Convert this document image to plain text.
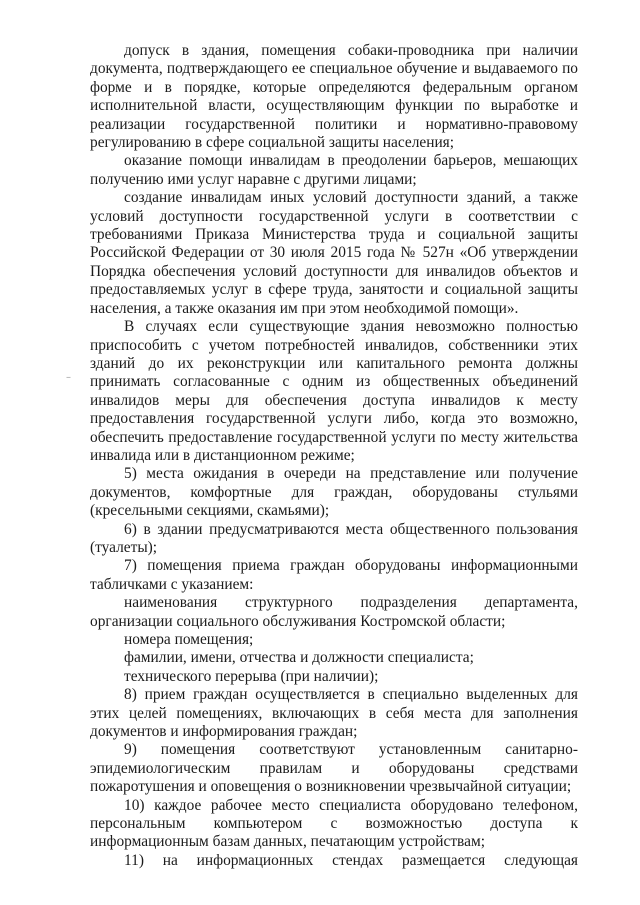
допуск в здания, помещения собаки-проводника при наличии документа, подтверждающего ее специальное обучение и выдаваемого по форме и в порядке, которые определяются федеральным органом исполнительной власти, осуществляющим функции по выработке и реализации государственной политики и нормативно-правовому регулированию в сфере социальной защиты населения;

оказание помощи инвалидам в преодолении барьеров, мешающих получению ими услуг наравне с другими лицами;

создание инвалидам иных условий доступности зданий, а также условий доступности государственной услуги в соответствии с требованиями Приказа Министерства труда и социальной защиты Российской Федерации от 30 июля 2015 года № 527н «Об утверждении Порядка обеспечения условий доступности для инвалидов объектов и предоставляемых услуг в сфере труда, занятости и социальной защиты населения, а также оказания им при этом необходимой помощи».

В случаях если существующие здания невозможно полностью приспособить с учетом потребностей инвалидов, собственники этих зданий до их реконструкции или капитального ремонта должны принимать согласованные с одним из общественных объединений инвалидов меры для обеспечения доступа инвалидов к месту предоставления государственной услуги либо, когда это возможно, обеспечить предоставление государственной услуги по месту жительства инвалида или в дистанционном режиме;

5) места ожидания в очереди на представление или получение документов, комфортные для граждан, оборудованы стульями (кресельными секциями, скамьями);

6) в здании предусматриваются места общественного пользования (туалеты);

7) помещения приема граждан оборудованы информационными табличками с указанием:

наименования структурного подразделения департамента, организации социального обслуживания Костромской области;

номера помещения;

фамилии, имени, отчества и должности специалиста;

технического перерыва (при наличии);

8) прием граждан осуществляется в специально выделенных для этих целей помещениях, включающих в себя места для заполнения документов и информирования граждан;

9) помещения соответствуют установленным санитарно-эпидемиологическим правилам и оборудованы средствами пожаротушения и оповещения о возникновении чрезвычайной ситуации;

10) каждое рабочее место специалиста оборудовано телефоном, персональным компьютером с возможностью доступа к информационным базам данных, печатающим устройствам;

11) на информационных стендах размещается следующая

–
